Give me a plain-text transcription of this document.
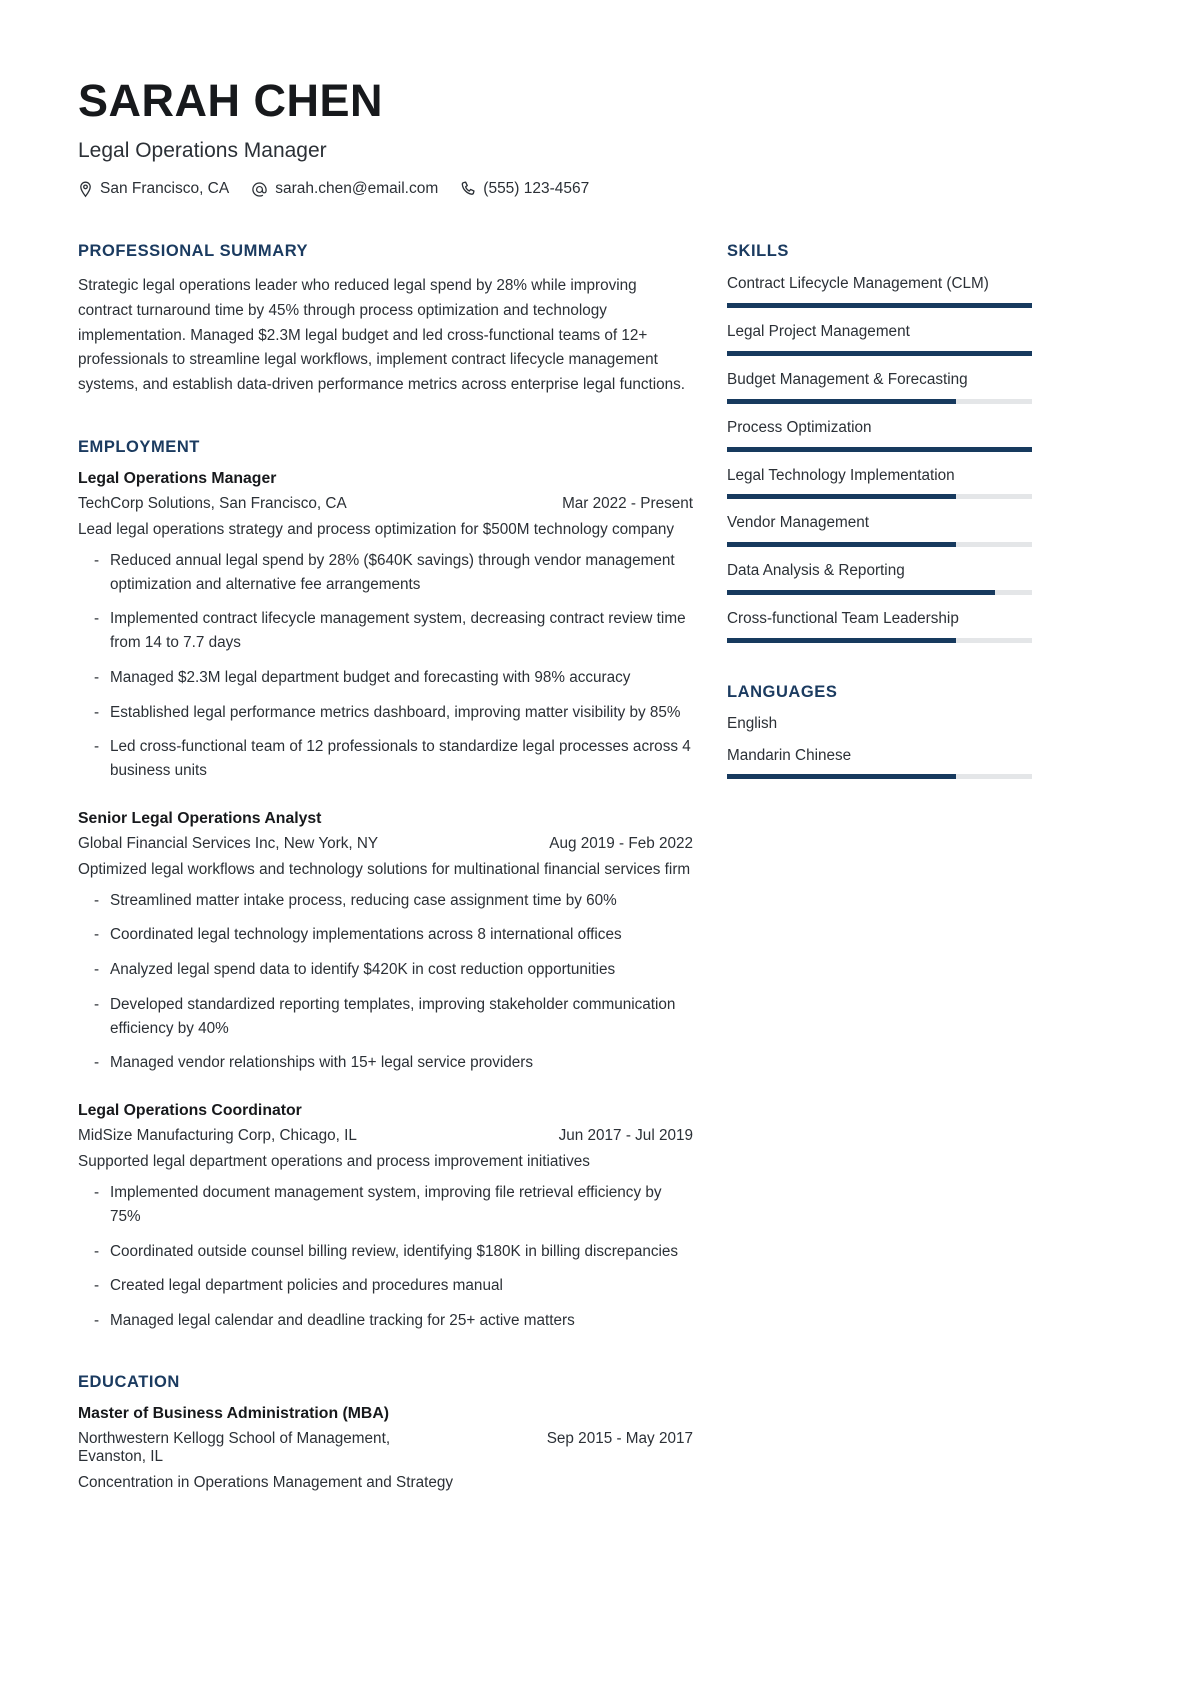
SARAH CHEN
Legal Operations Manager
San Francisco, CA	sarah.chen@email.com	(555) 123-4567
PROFESSIONAL SUMMARY
Strategic legal operations leader who reduced legal spend by 28% while improving contract turnaround time by 45% through process optimization and technology implementation. Managed $2.3M legal budget and led cross-functional teams of 12+ professionals to streamline legal workflows, implement contract lifecycle management systems, and establish data-driven performance metrics across enterprise legal functions.
EMPLOYMENT
Legal Operations Manager
TechCorp Solutions, San Francisco, CA	Mar 2022 - Present
Lead legal operations strategy and process optimization for $500M technology company
- Reduced annual legal spend by 28% ($640K savings) through vendor management optimization and alternative fee arrangements
- Implemented contract lifecycle management system, decreasing contract review time from 14 to 7.7 days
- Managed $2.3M legal department budget and forecasting with 98% accuracy
- Established legal performance metrics dashboard, improving matter visibility by 85%
- Led cross-functional team of 12 professionals to standardize legal processes across 4 business units
Senior Legal Operations Analyst
Global Financial Services Inc, New York, NY	Aug 2019 - Feb 2022
Optimized legal workflows and technology solutions for multinational financial services firm
- Streamlined matter intake process, reducing case assignment time by 60%
- Coordinated legal technology implementations across 8 international offices
- Analyzed legal spend data to identify $420K in cost reduction opportunities
- Developed standardized reporting templates, improving stakeholder communication efficiency by 40%
- Managed vendor relationships with 15+ legal service providers
Legal Operations Coordinator
MidSize Manufacturing Corp, Chicago, IL	Jun 2017 - Jul 2019
Supported legal department operations and process improvement initiatives
- Implemented document management system, improving file retrieval efficiency by 75%
- Coordinated outside counsel billing review, identifying $180K in billing discrepancies
- Created legal department policies and procedures manual
- Managed legal calendar and deadline tracking for 25+ active matters
EDUCATION
Master of Business Administration (MBA)
Northwestern Kellogg School of Management, Evanston, IL
Sep 2015 - May 2017
Concentration in Operations Management and Strategy
SKILLS
Contract Lifecycle Management (CLM)
Legal Project Management
Budget Management & Forecasting
Process Optimization
Legal Technology Implementation
Vendor Management
Data Analysis & Reporting
Cross-functional Team Leadership
LANGUAGES
English
Mandarin Chinese
